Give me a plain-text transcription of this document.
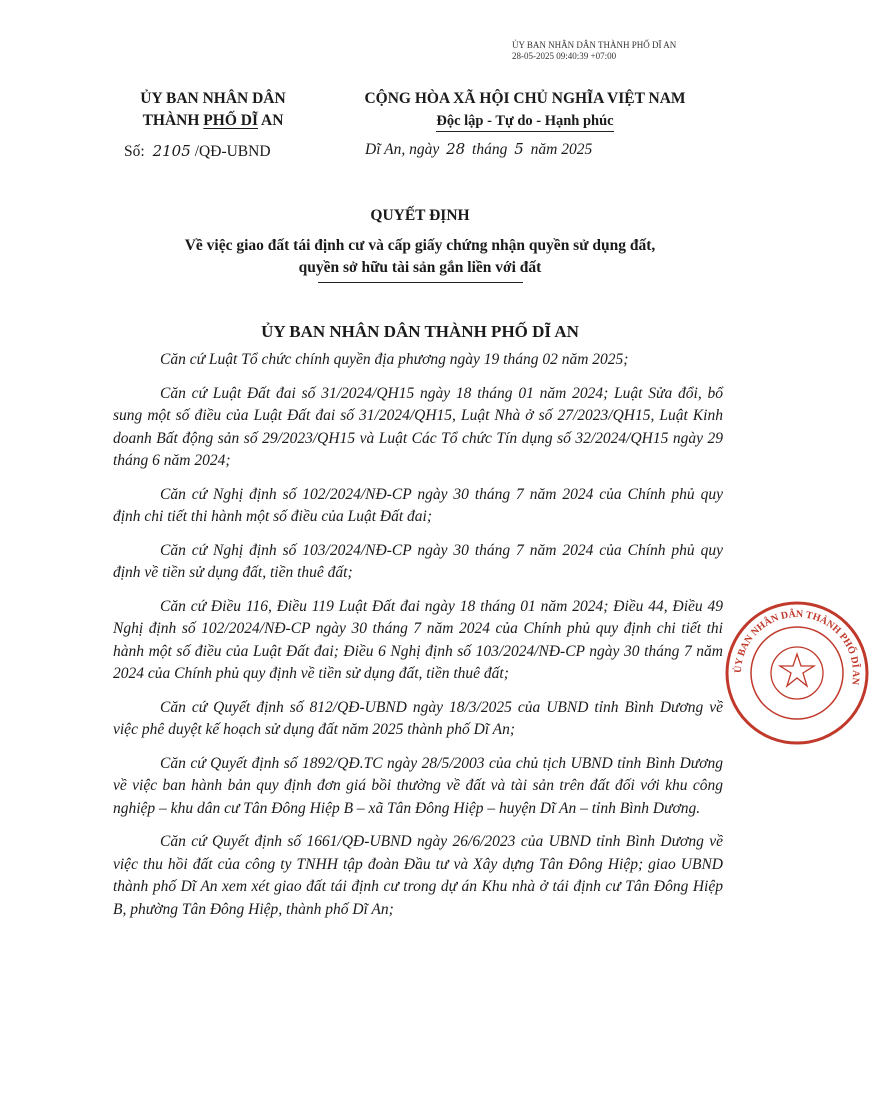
ỦY BAN NHÂN DÂN THÀNH PHỐ DĨ AN
28-05-2025 09:40:39 +07:00
ỦY BAN NHÂN DÂN
THÀNH PHỐ DĨ AN
Số: 2105 /QĐ-UBND
CỘNG HÒA XÃ HỘI CHỦ NGHĨA VIỆT NAM
Độc lập - Tự do - Hạnh phúc
Dĩ An, ngày 28 tháng 5 năm 2025
QUYẾT ĐỊNH
Về việc giao đất tái định cư và cấp giấy chứng nhận quyền sử dụng đất,
quyền sở hữu tài sản gắn liền với đất
ỦY BAN NHÂN DÂN THÀNH PHỐ DĨ AN

Căn cứ Luật Tổ chức chính quyền địa phương ngày 19 tháng 02 năm 2025;

Căn cứ Luật Đất đai số 31/2024/QH15 ngày 18 tháng 01 năm 2024; Luật Sửa đổi, bổ sung một số điều của Luật Đất đai số 31/2024/QH15, Luật Nhà ở số 27/2023/QH15, Luật Kinh doanh Bất động sản số 29/2023/QH15 và Luật Các Tổ chức Tín dụng số 32/2024/QH15 ngày 29 tháng 6 năm 2024;

Căn cứ Nghị định số 102/2024/NĐ-CP ngày 30 tháng 7 năm 2024 của Chính phủ quy định chi tiết thi hành một số điều của Luật Đất đai;

Căn cứ Nghị định số 103/2024/NĐ-CP ngày 30 tháng 7 năm 2024 của Chính phủ quy định về tiền sử dụng đất, tiền thuê đất;

Căn cứ Điều 116, Điều 119 Luật Đất đai ngày 18 tháng 01 năm 2024; Điều 44, Điều 49 Nghị định số 102/2024/NĐ-CP ngày 30 tháng 7 năm 2024 của Chính phủ quy định chi tiết thi hành một số điều của Luật Đất đai; Điều 6 Nghị định số 103/2024/NĐ-CP ngày 30 tháng 7 năm 2024 của Chính phủ quy định về tiền sử dụng đất, tiền thuê đất;

Căn cứ Quyết định số 812/QĐ-UBND ngày 18/3/2025 của UBND tỉnh Bình Dương về việc phê duyệt kế hoạch sử dụng đất năm 2025 thành phố Dĩ An;

Căn cứ Quyết định số 1892/QĐ.TC ngày 28/5/2003 của chủ tịch UBND tỉnh Bình Dương về việc ban hành bản quy định đơn giá bồi thường về đất và tài sản trên đất đối với khu công nghiệp – khu dân cư Tân Đông Hiệp B – xã Tân Đông Hiệp – huyện Dĩ An – tỉnh Bình Dương.

Căn cứ Quyết định số 1661/QĐ-UBND ngày 26/6/2023 của UBND tỉnh Bình Dương về việc thu hồi đất của công ty TNHH tập đoàn Đầu tư và Xây dựng Tân Đông Hiệp; giao UBND thành phố Dĩ An xem xét giao đất tái định cư trong dự án Khu nhà ở tái định cư Tân Đông Hiệp B, phường Tân Đông Hiệp, thành phố Dĩ An;

ỦY BAN NHÂN DÂN THÀNH PHỐ DĨ AN
